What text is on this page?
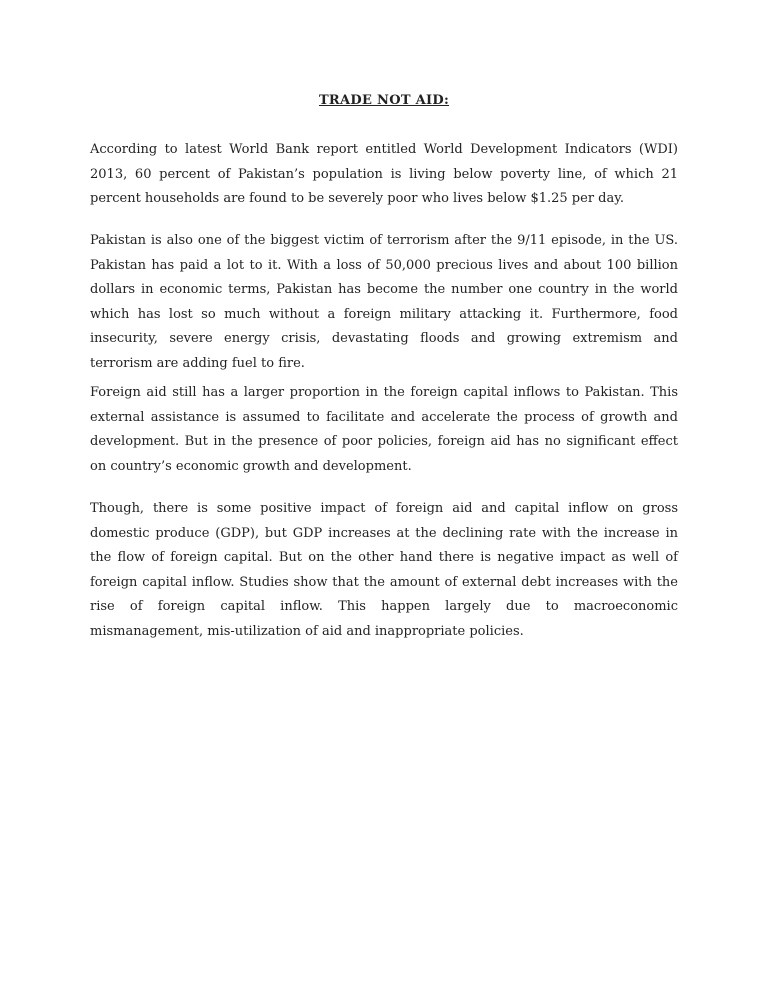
TRADE NOT AID:

According to latest World Bank report entitled World Development Indicators (WDI) 2013, 60 percent of Pakistan’s population is living below poverty line, of which 21 percent households are found to be severely poor who lives below $1.25 per day.

Pakistan is also one of the biggest victim of terrorism after the 9/11 episode, in the US. Pakistan has paid a lot to it. With a loss of 50,000 precious lives and about 100 billion dollars in economic terms, Pakistan has become the number one country in the world which has lost so much without a foreign military attacking it. Furthermore, food insecurity, severe energy crisis, devastating floods and growing extremism and terrorism are adding fuel to fire.

Foreign aid still has a larger proportion in the foreign capital inflows to Pakistan. This external assistance is assumed to facilitate and accelerate the process of growth and development. But in the presence of poor policies, foreign aid has no significant effect on country’s economic growth and development.

Though, there is some positive impact of foreign aid and capital inflow on gross domestic produce (GDP), but GDP increases at the declining rate with the increase in the flow of foreign capital. But on the other hand there is negative impact as well of foreign capital inflow. Studies show that the amount of external debt increases with the rise of foreign capital inflow. This happen largely due to macroeconomic mismanagement, mis-utilization of aid and inappropriate policies.
